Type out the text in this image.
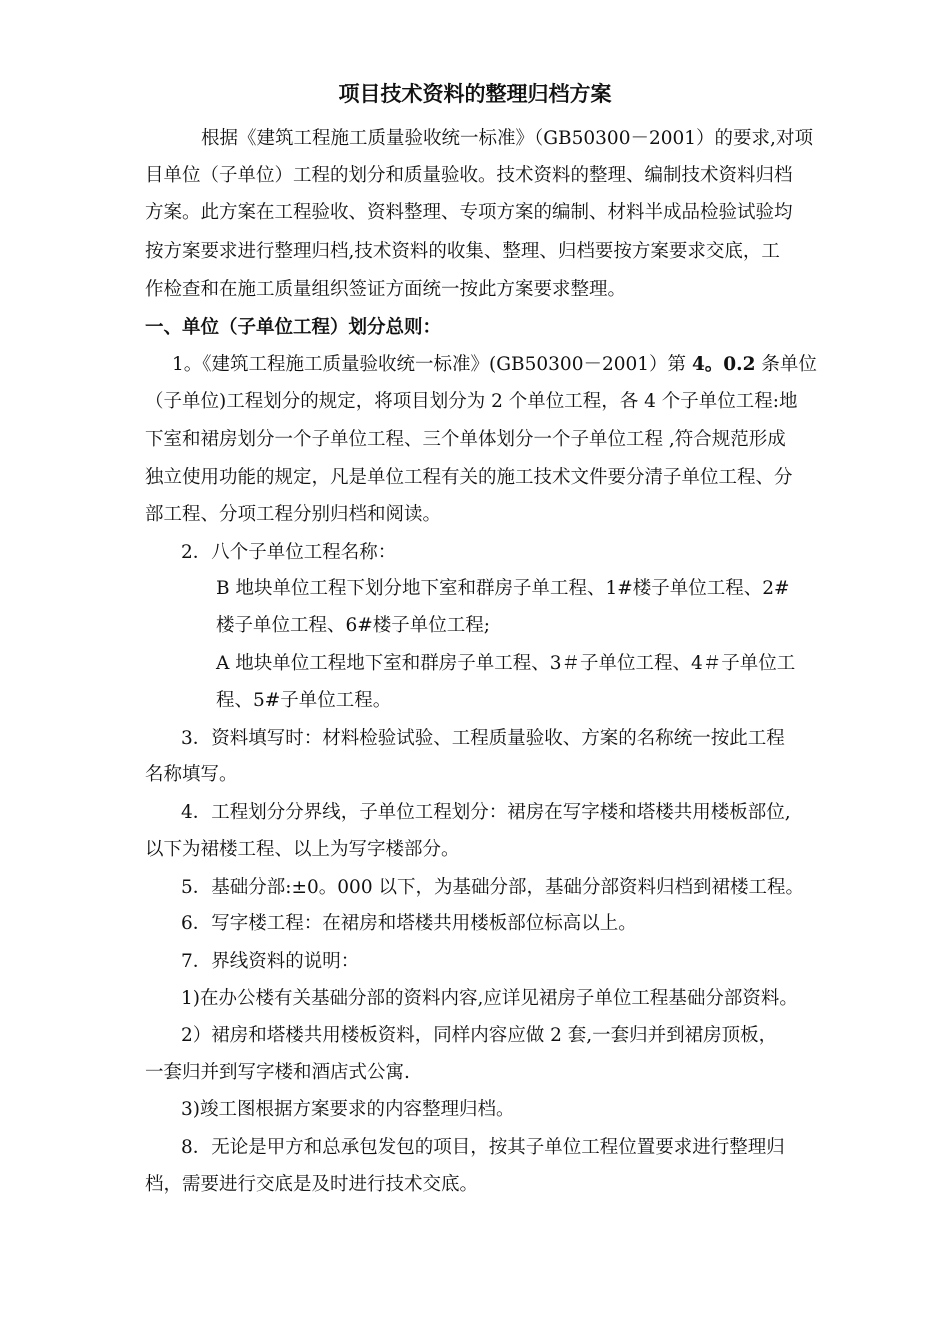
项目技术资料的整理归档方案
根据《建筑工程施工质量验收统一标准》（GB50300－2001）的要求,对项
目单位（子单位）工程的划分和质量验收。技术资料的整理、编制技术资料归档
方案。此方案在工程验收、资料整理、专项方案的编制、材料半成品检验试验均
按方案要求进行整理归档,技术资料的收集、整理、归档要按方案要求交底，工
作检查和在施工质量组织签证方面统一按此方案要求整理。
一、单位（子单位工程）划分总则：
1。《建筑工程施工质量验收统一标准》(GB50300－2001）第 4。0.2 条单位
（子单位)工程划分的规定，将项目划分为 2 个单位工程，各 4 个子单位工程:地
下室和裙房划分一个子单位工程、三个单体划分一个子单位工程 ,符合规范形成
独立使用功能的规定，凡是单位工程有关的施工技术文件要分清子单位工程、分
部工程、分项工程分别归档和阅读。
2．八个子单位工程名称：
B 地块单位工程下划分地下室和群房子单工程、1#楼子单位工程、2#
楼子单位工程、6#楼子单位工程;
A 地块单位工程地下室和群房子单工程、3＃子单位工程、4＃子单位工
程、5#子单位工程。
3．资料填写时：材料检验试验、工程质量验收、方案的名称统一按此工程
名称填写。
4．工程划分分界线，子单位工程划分：裙房在写字楼和塔楼共用楼板部位,
以下为裙楼工程、以上为写字楼部分。
5．基础分部:±0。000 以下，为基础分部，基础分部资料归档到裙楼工程。
6．写字楼工程：在裙房和塔楼共用楼板部位标高以上。
7．界线资料的说明：
1)在办公楼有关基础分部的资料内容,应详见裙房子单位工程基础分部资料。
2）裙房和塔楼共用楼板资料，同样内容应做 2 套,一套归并到裙房顶板，
一套归并到写字楼和酒店式公寓.
3)竣工图根据方案要求的内容整理归档。
8．无论是甲方和总承包发包的项目，按其子单位工程位置要求进行整理归
档，需要进行交底是及时进行技术交底。
